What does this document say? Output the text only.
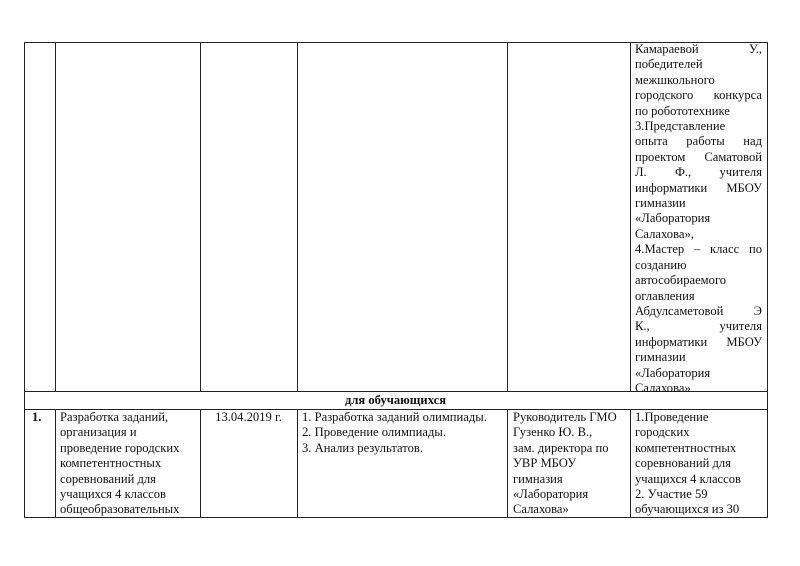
Камараевой У.,
победителей
межшкольного
городского конкурса
по робототехнике
3.Представление
опыта работы над
проектом Саматовой
Л. Ф., учителя
информатики МБОУ
гимназии
«Лаборатория
Салахова»,
4.Мастер – класс по
созданию
автособираемого
оглавления
Абдулсаметовой Э
К., учителя
информатики МБОУ
гимназии
«Лаборатория
Салахова»
для обучающихся
1. Разработка заданий,
организация и
проведение городских
компетентностных
соревнований для
учащихся 4 классов
общеобразовательных
13.04.2019 г.	1. Разработка заданий олимпиады.
2. Проведение олимпиады.
3. Анализ результатов.
Руководитель ГМО
Гузенко Ю. В.,
зам. директора по
УВР МБОУ
гимназия
«Лаборатория
Салахова»
1.Проведение
городских
компетентностных
соревнований для
учащихся 4 классов
2. Участие 59
обучающихся из 30
